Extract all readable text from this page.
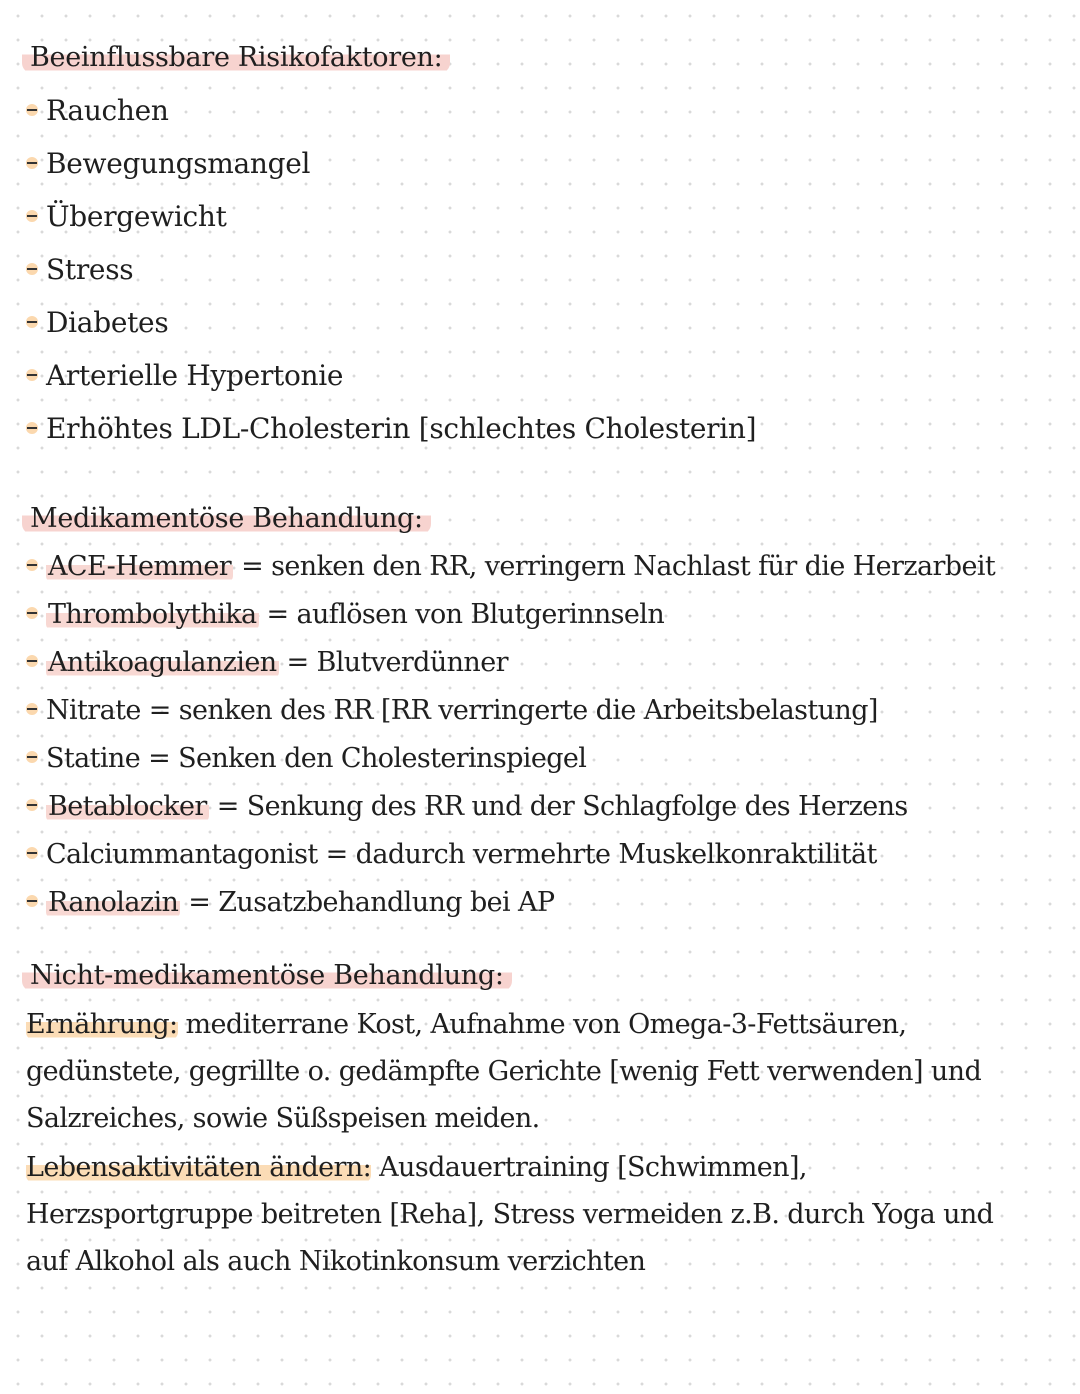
Beeinflussbare Risikofaktoren:
Rauchen
Bewegungsmangel
Übergewicht
Stress
Diabetes
Arterielle Hypertonie
Erhöhtes LDL-Cholesterin [schlechtes Cholesterin]
Medikamentöse Behandlung:
ACE-Hemmer = senken den RR, verringern Nachlast für die Herzarbeit
Thrombolythika = auflösen von Blutgerinnseln
Antikoagulanzien = Blutverdünner
Nitrate = senken des RR [RR verringerte die Arbeitsbelastung]
Statine = Senken den Cholesterinspiegel
Betablocker = Senkung des RR und der Schlagfolge des Herzens
Calciummantagonist = dadurch vermehrte Muskelkonraktilität
Ranolazin = Zusatzbehandlung bei AP
Nicht-medikamentöse Behandlung:
Ernährung: mediterrane Kost, Aufnahme von Omega-3-Fettsäuren,
gedünstete, gegrillte o. gedämpfte Gerichte [wenig Fett verwenden] und
Salzreiches, sowie Süßspeisen meiden.
Lebensaktivitäten ändern: Ausdauertraining [Schwimmen],
Herzsportgruppe beitreten [Reha], Stress vermeiden z.B. durch Yoga und
auf Alkohol als auch Nikotinkonsum verzichten
